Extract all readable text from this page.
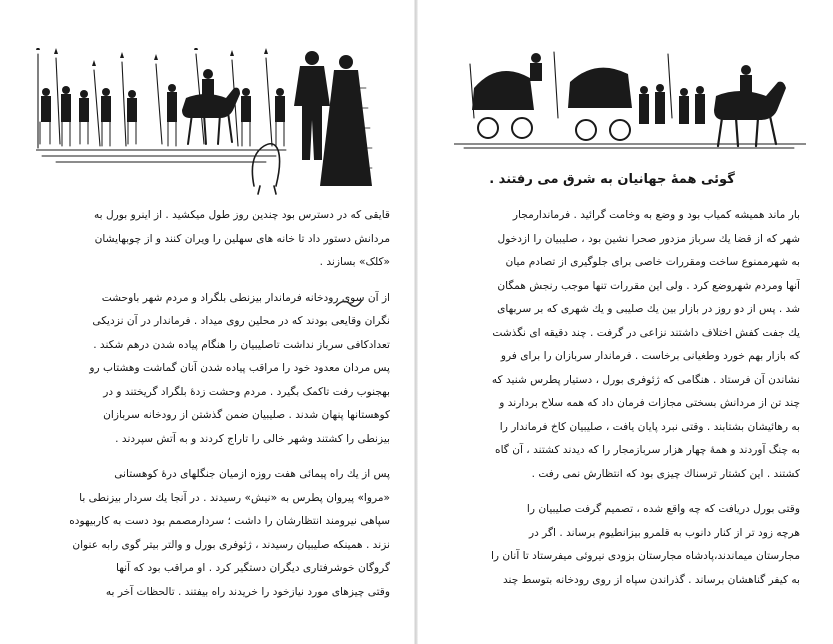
قایقی که در دسترس بود چندین روز طول میکشید . از اینرو بورل به
مردانش دستور داد تا خانه های سهلین را ویران کنند و از چوبهایشان
«کلک» بسازند .
از آن سوی رودخانه فرماندار بیزنطی بلگراد و مردم شهر باوحشت
نگران وقایعی بودند که در محلین روی میداد . فرماندار در آن نزدیکی
تعدادکافی سرباز نداشت تاصلیبیان را هنگام پیاده شدن درهم شکند .
پس مردان معدود خود را مراقب پیاده شدن آنان گماشت وهشتاب رو
بهجنوب رفت تاکمک بگیرد . مردم وحشت زدهٔ بلگراد گریختند و در
کوهستانها پنهان شدند . صلیبیان ضمن گذشتن از رودخانه سربازان
بیزنطی را کشتند وشهر خالی را تاراج کردند و به آتش سپردند .
پس از یك راه پیمائی هفت روزه ازمیان جنگلهای درهٔ کوهستانی
«مروا» پیروان پطرس به «نیش» رسیدند . در آنجا یك سردار بیزنطی با
سپاهی نیرومند انتظارشان را داشت ؛ سردارمصمم بود دست به کاربیهوده
نزند . همینکه صلیبیان رسیدند ، ژئوفری بورل و والتر بیتر گوی رابه عنوان
گروگان خوشرفتاری دیگران دستگیر کرد . او مراقب بود که آنها
وقتی چیزهای مورد نیازخود را خریدند راه بیفتند . تالحظات آخر به
گوئی همهٔ جهانیان به شرق می رفتند .
بار ماند همیشه کمیاب بود و وضع به وخامت گرائید . فرماندارمجار
شهر که از قضا یك سرباز مزدور صحرا نشین بود ، صلیبیان را ازدخول
به شهرممنوع ساخت ومقررات خاصی برای جلوگیری از تصادم میان
آنها ومردم شهروضع کرد . ولی این مقررات تنها موجب رنجش همگان
شد . پس از دو روز در بازار بین یك صلیبی و یك شهری که بر سربهای
یك جفت کفش اختلاف داشتند نزاعی در گرفت . چند دقیقه ای نگذشت
که بازار بهم خورد وطغیانی برخاست . فرماندار سربازان را برای فرو
نشاندن آن فرستاد . هنگامی که ژئوفری بورل ، دستیار پطرس شنید که
چند تن از مردانش بسختی مجازات فرمان داد که همه سلاح بردارند و
به رهائیشان بشتابند . وقتی نبرد پایان یافت ، صلیبیان کاخ فرماندار را
به چنگ آوردند و همهٔ چهار هزار سربازمجار را که دیدند کشتند ، آن گاه
کشتند . این کشتار ترسناك چیزی بود که انتظارش نمی رفت .
وقتی بورل دریافت که چه واقع شده ، تصمیم گرفت صلیبیان را
هرچه زود تر از کنار دانوب به قلمرو بیزانطیوم برساند . اگر در
مجارستان میماندند،پادشاه مجارستان بزودی نیروئی میفرستاد تا آنان را
به کیفر گناهشان برساند . گذراندن سپاه از روی رودخانه بتوسط چند
